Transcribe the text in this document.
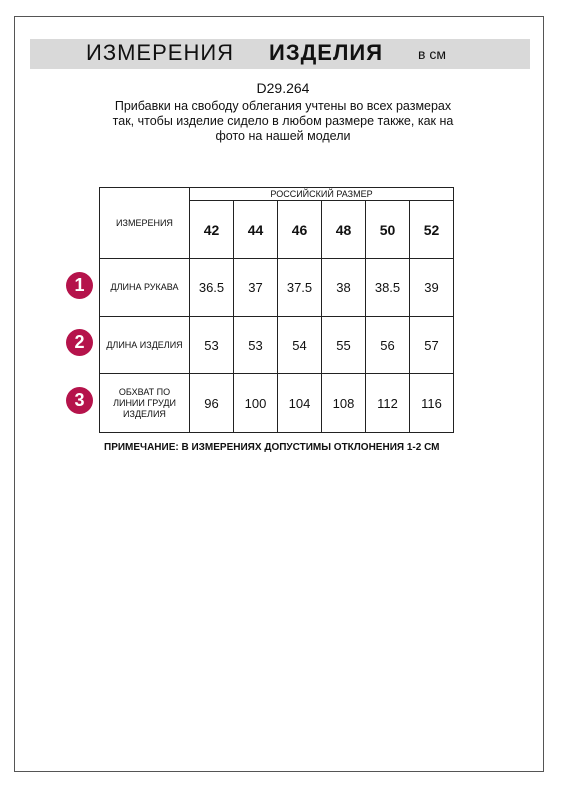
ИЗМЕРЕНИЯ ИЗДЕЛИЯ в см
D29.264
Прибавки на свободу облегания учтены во всех размерах
так, чтобы изделие сидело в любом размере также, как на
фото на нашей модели
ИЗМЕРЕНИЯ	РОССИЙСКИЙ РАЗМЕР					
	42	44	46	48	50	52
ДЛИНА РУКАВА	36.5	37	37.5	38	38.5	39
ДЛИНА ИЗДЕЛИЯ	53	53	54	55	56	57

ОБХВАТ ПО
ЛИНИИ ГРУДИ
ИЗДЕЛИЯ	96	100	104	108	112	116
1
2
3
ПРИМЕЧАНИЕ: В ИЗМЕРЕНИЯХ ДОПУСТИМЫ ОТКЛОНЕНИЯ 1-2 СМ
